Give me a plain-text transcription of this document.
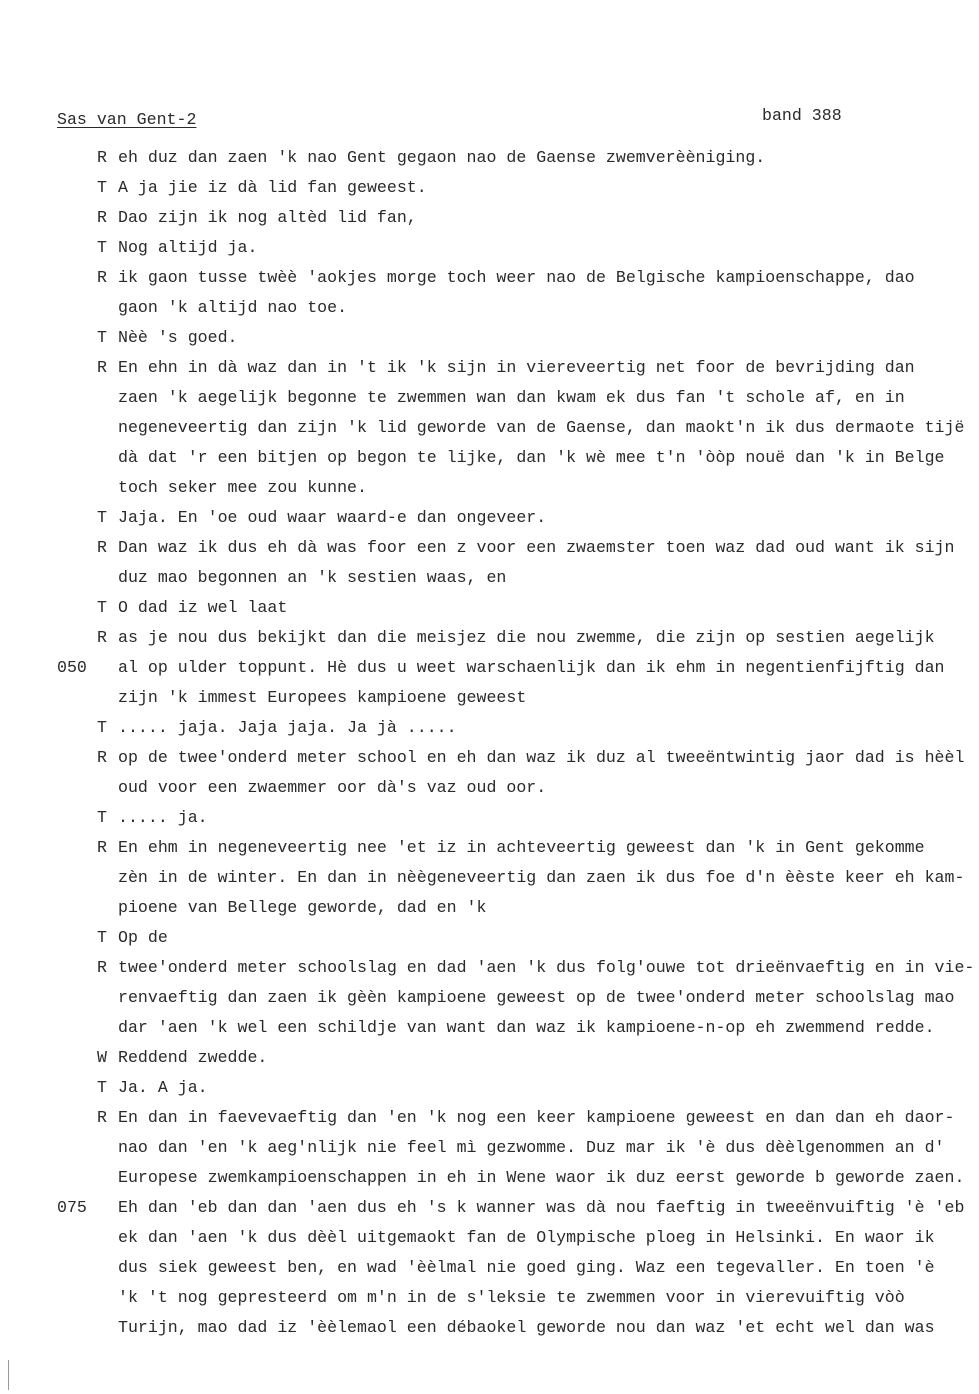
Sas van Gent-2	band 388
R eh duz dan zaen 'k nao Gent gegaon nao de Gaense zwemverèèniging.
T A ja jie iz dà lid fan geweest.
R Dao zijn ik nog altèd lid fan,
T Nog altijd ja.
R ik gaon tusse twèè 'aokjes morge toch weer nao de Belgische kampioenschappe, dao
gaon 'k altijd nao toe.
T Nèè 's goed.
R En ehn in dà waz dan in 't ik 'k sijn in viereveertig net foor de bevrijding dan
zaen 'k aegelijk begonne te zwemmen wan dan kwam ek dus fan 't schole af, en in
negeneveertig dan zijn 'k lid geworde van de Gaense, dan maokt'n ik dus dermaote tijë
dà dat 'r een bitjen op begon te lijke, dan 'k wè mee t'n 'òòp nouë dan 'k in Belge
toch seker mee zou kunne.
T Jaja. En 'oe oud waar waard-e dan ongeveer.
R Dan waz ik dus eh dà was foor een z voor een zwaemster toen waz dad oud want ik sijn
duz mao begonnen an 'k sestien waas, en
T O dad iz wel laat
R as je nou dus bekijkt dan die meisjez die nou zwemme, die zijn op sestien aegelijk
050 al op ulder toppunt. Hè dus u weet warschaenlijk dan ik ehm in negentienfijftig dan
zijn 'k immest Europees kampioene geweest
T ..... jaja. Jaja jaja. Ja jà .....
R op de twee'onderd meter school en eh dan waz ik duz al tweeëntwintig jaor dad is hèèl
oud voor een zwaemmer oor dà's vaz oud oor.
T ..... ja.
R En ehm in negeneveertig nee 'et iz in achteveertig geweest dan 'k in Gent gekomme
zèn in de winter. En dan in nèègeneveertig dan zaen ik dus foe d'n èèste keer eh kam-
pioene van Bellege geworde, dad en 'k
T Op de
R twee'onderd meter schoolslag en dad 'aen 'k dus folg'ouwe tot drieënvaeftig en in vie-
renvaeftig dan zaen ik gèèn kampioene geweest op de twee'onderd meter schoolslag mao
dar 'aen 'k wel een schildje van want dan waz ik kampioene-n-op eh zwemmend redde.
W Reddend zwedde.
T Ja. A ja.
R En dan in faevevaeftig dan 'en 'k nog een keer kampioene geweest en dan dan eh daor-
nao dan 'en 'k aeg'nlijk nie feel mì gezwomme. Duz mar ik 'è dus dèèlgenommen an d'
Europese zwemkampioenschappen in eh in Wene waor ik duz eerst geworde b geworde zaen.
075 Eh dan 'eb dan dan 'aen dus eh 's k wanner was dà nou faeftig in tweeënvuiftig 'è 'eb
ek dan 'aen 'k dus dèèl uitgemaokt fan de Olympische ploeg in Helsinki. En waor ik
dus siek geweest ben, en wad 'èèlmal nie goed ging. Waz een tegevaller. En toen 'è
'k 't nog gepresteerd om m'n in de s'leksie te zwemmen voor in vierevuiftig vòò
Turijn, mao dad iz 'èèlemaol een débaokel geworde nou dan waz 'et echt wel dan was
